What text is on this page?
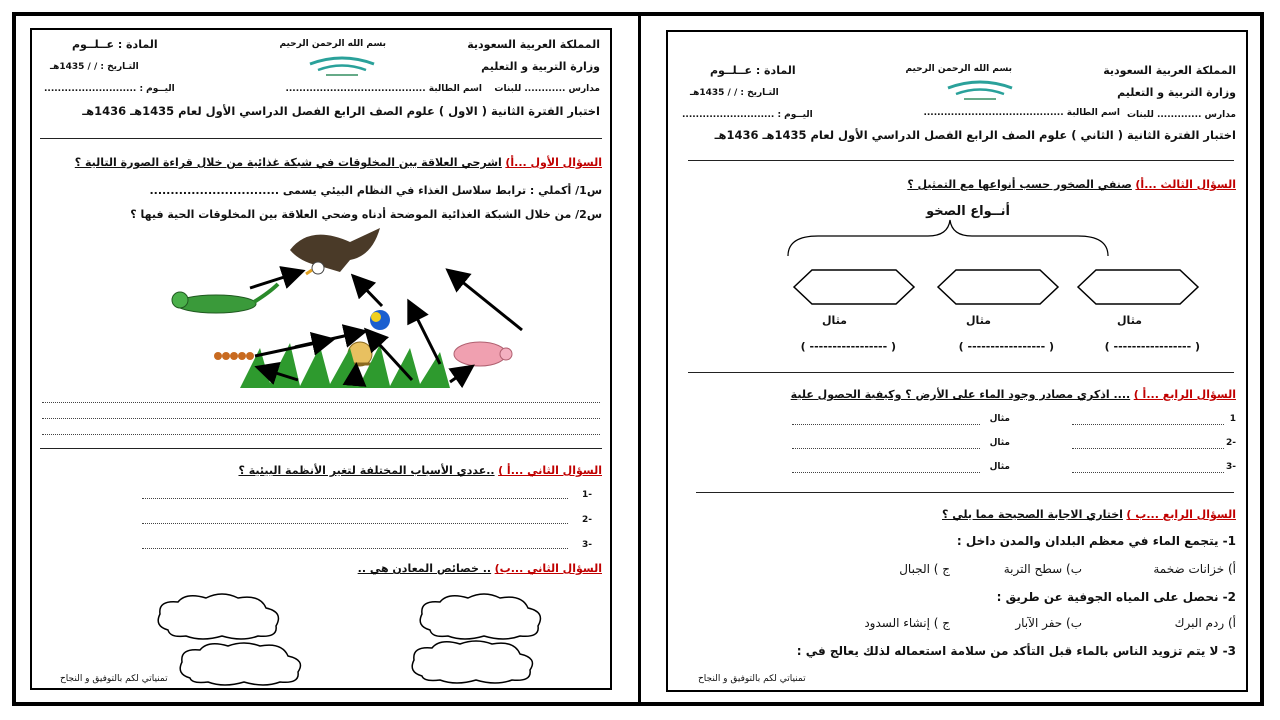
المملكة العربية السعودية
وزارة التربية و التعليم
مدارس ............ للبنات
بسم الله الرحمن الرحيم
اسم الطالبة .........................................
المادة : عــلــوم
التـاريخ : / / 1435هـ
اليــوم : ...........................
اختبار الفترة الثانية ( الاول ) علوم الصف الرابع الفصل الدراسي الأول لعام 1435هـ 1436هـ
السؤال الأول ...أ) اشرحي العلاقة بين المخلوقات في شبكة غذائية من خلال قراءة الصورة التالية ؟
س1/ أكملي : ترابط سلاسل الغذاء في النظام البيئي يسمى ...............................
س2/ من خلال الشبكة الغذائية الموضحة أدناه وضحي العلاقة بين المخلوقات الحية فيها ؟
السؤال الثاني ...أ ) ..عددي الأسباب المختلفة لتغير الأنظمة البيئية ؟
-1
-2
-3
السؤال الثاني ...ب) .. خصائص المعادن هي ..
تمنياتي لكم بالتوفيق و النجاح
المملكة العربية السعودية
وزارة التربية و التعليم
مدارس ............. للبنات
بسم الله الرحمن الرحيم
اسم الطالبة .........................................
المادة : عــلــوم
التـاريخ : / / 1435هـ
اليــوم : ...........................
اختبار الفترة الثانية ( الثاني ) علوم الصف الرابع الفصل الدراسي الأول لعام 1435هـ 1436هـ
السؤال الثالث ...أ) صنفي الصخور حسب أنواعها مع التمثيل ؟
أنــواع الصخو
مثال	مثال	مثال
( ----------------- )	( ----------------- )	( ----------------- )
السؤال الرابع ...أ ) .... اذكري مصادر وجود الماء على الأرض ؟ وكيفية الحصول علية
1
مثال
-2
مثال
-3
مثال
السؤال الرابع ...ب ) اختاري الاجابة الصحيحة مما يلي ؟
1- يتجمع الماء في معظم البلدان والمدن داخل :
أ) خزانات ضخمة
ب) سطح التربة
ج ) الجبال
2- نحصل على المياه الجوفية عن طريق :
أ) ردم البرك
ب) حفر الآبار
ج ) إنشاء السدود
3- لا يتم تزويد الناس بالماء قبل التأكد من سلامة استعماله لذلك يعالج في :
تمنياتي لكم بالتوفيق و النجاح
